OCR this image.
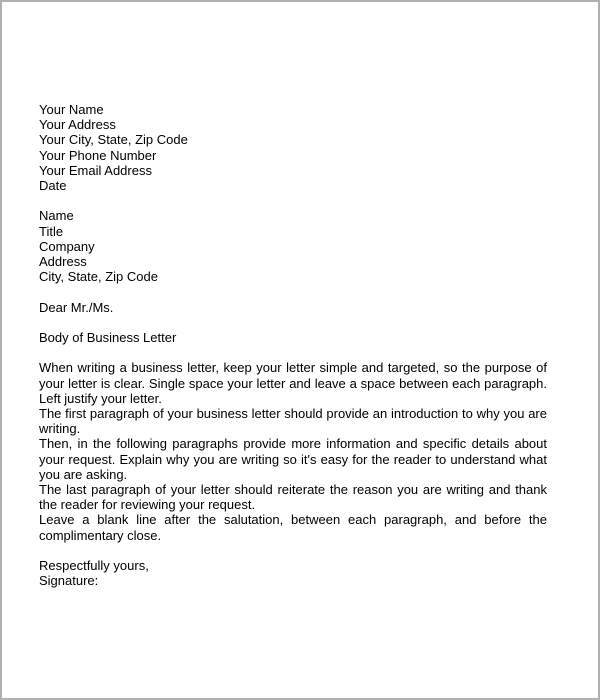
Your Name
Your Address
Your City, State, Zip Code
Your Phone Number
Your Email Address
Date
Name
Title
Company
Address
City, State, Zip Code
Dear Mr./Ms.
Body of Business Letter

When writing a business letter, keep your letter simple and targeted, so the purpose of your letter is clear. Single space your letter and leave a space between each paragraph. Left justify your letter.

The first paragraph of your business letter should provide an introduction to why you are writing.

Then, in the following paragraphs provide more information and specific details about your request. Explain why you are writing so it's easy for the reader to understand what you are asking.

The last paragraph of your letter should reiterate the reason you are writing and thank the reader for reviewing your request.

Leave a blank line after the salutation, between each paragraph, and before the complimentary close.

Respectfully yours,
Signature:
